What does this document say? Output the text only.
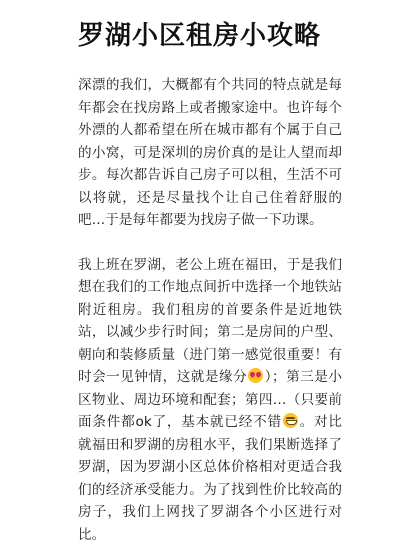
罗湖小区租房小攻略

深漂的我们，大概都有个共同的特点就是每年都会在找房路上或者搬家途中。也许每个外漂的人都希望在所在城市都有个属于自己的小窝，可是深圳的房价真的是让人望而却步。每次都告诉自己房子可以租，生活不可以将就，还是尽量找个让自己住着舒服的吧…于是每年都要为找房子做一下功课。

我上班在罗湖，老公上班在福田，于是我们想在我们的工作地点间折中选择一个地铁站附近租房。我们租房的首要条件是近地铁站，以减少步行时间；第二是房间的户型、朝向和装修质量（进门第一感觉很重要！有时会一见钟情，这就是缘分 ）；第三是小区物业、周边环境和配套；第四…（只要前面条件都ok了，基本就已经不错 。对比就福田和罗湖的房租水平，我们果断选择了罗湖，因为罗湖小区总体价格相对更适合我们的经济承受能力。为了找到性价比较高的房子，我们上网找了罗湖各个小区进行对比。
